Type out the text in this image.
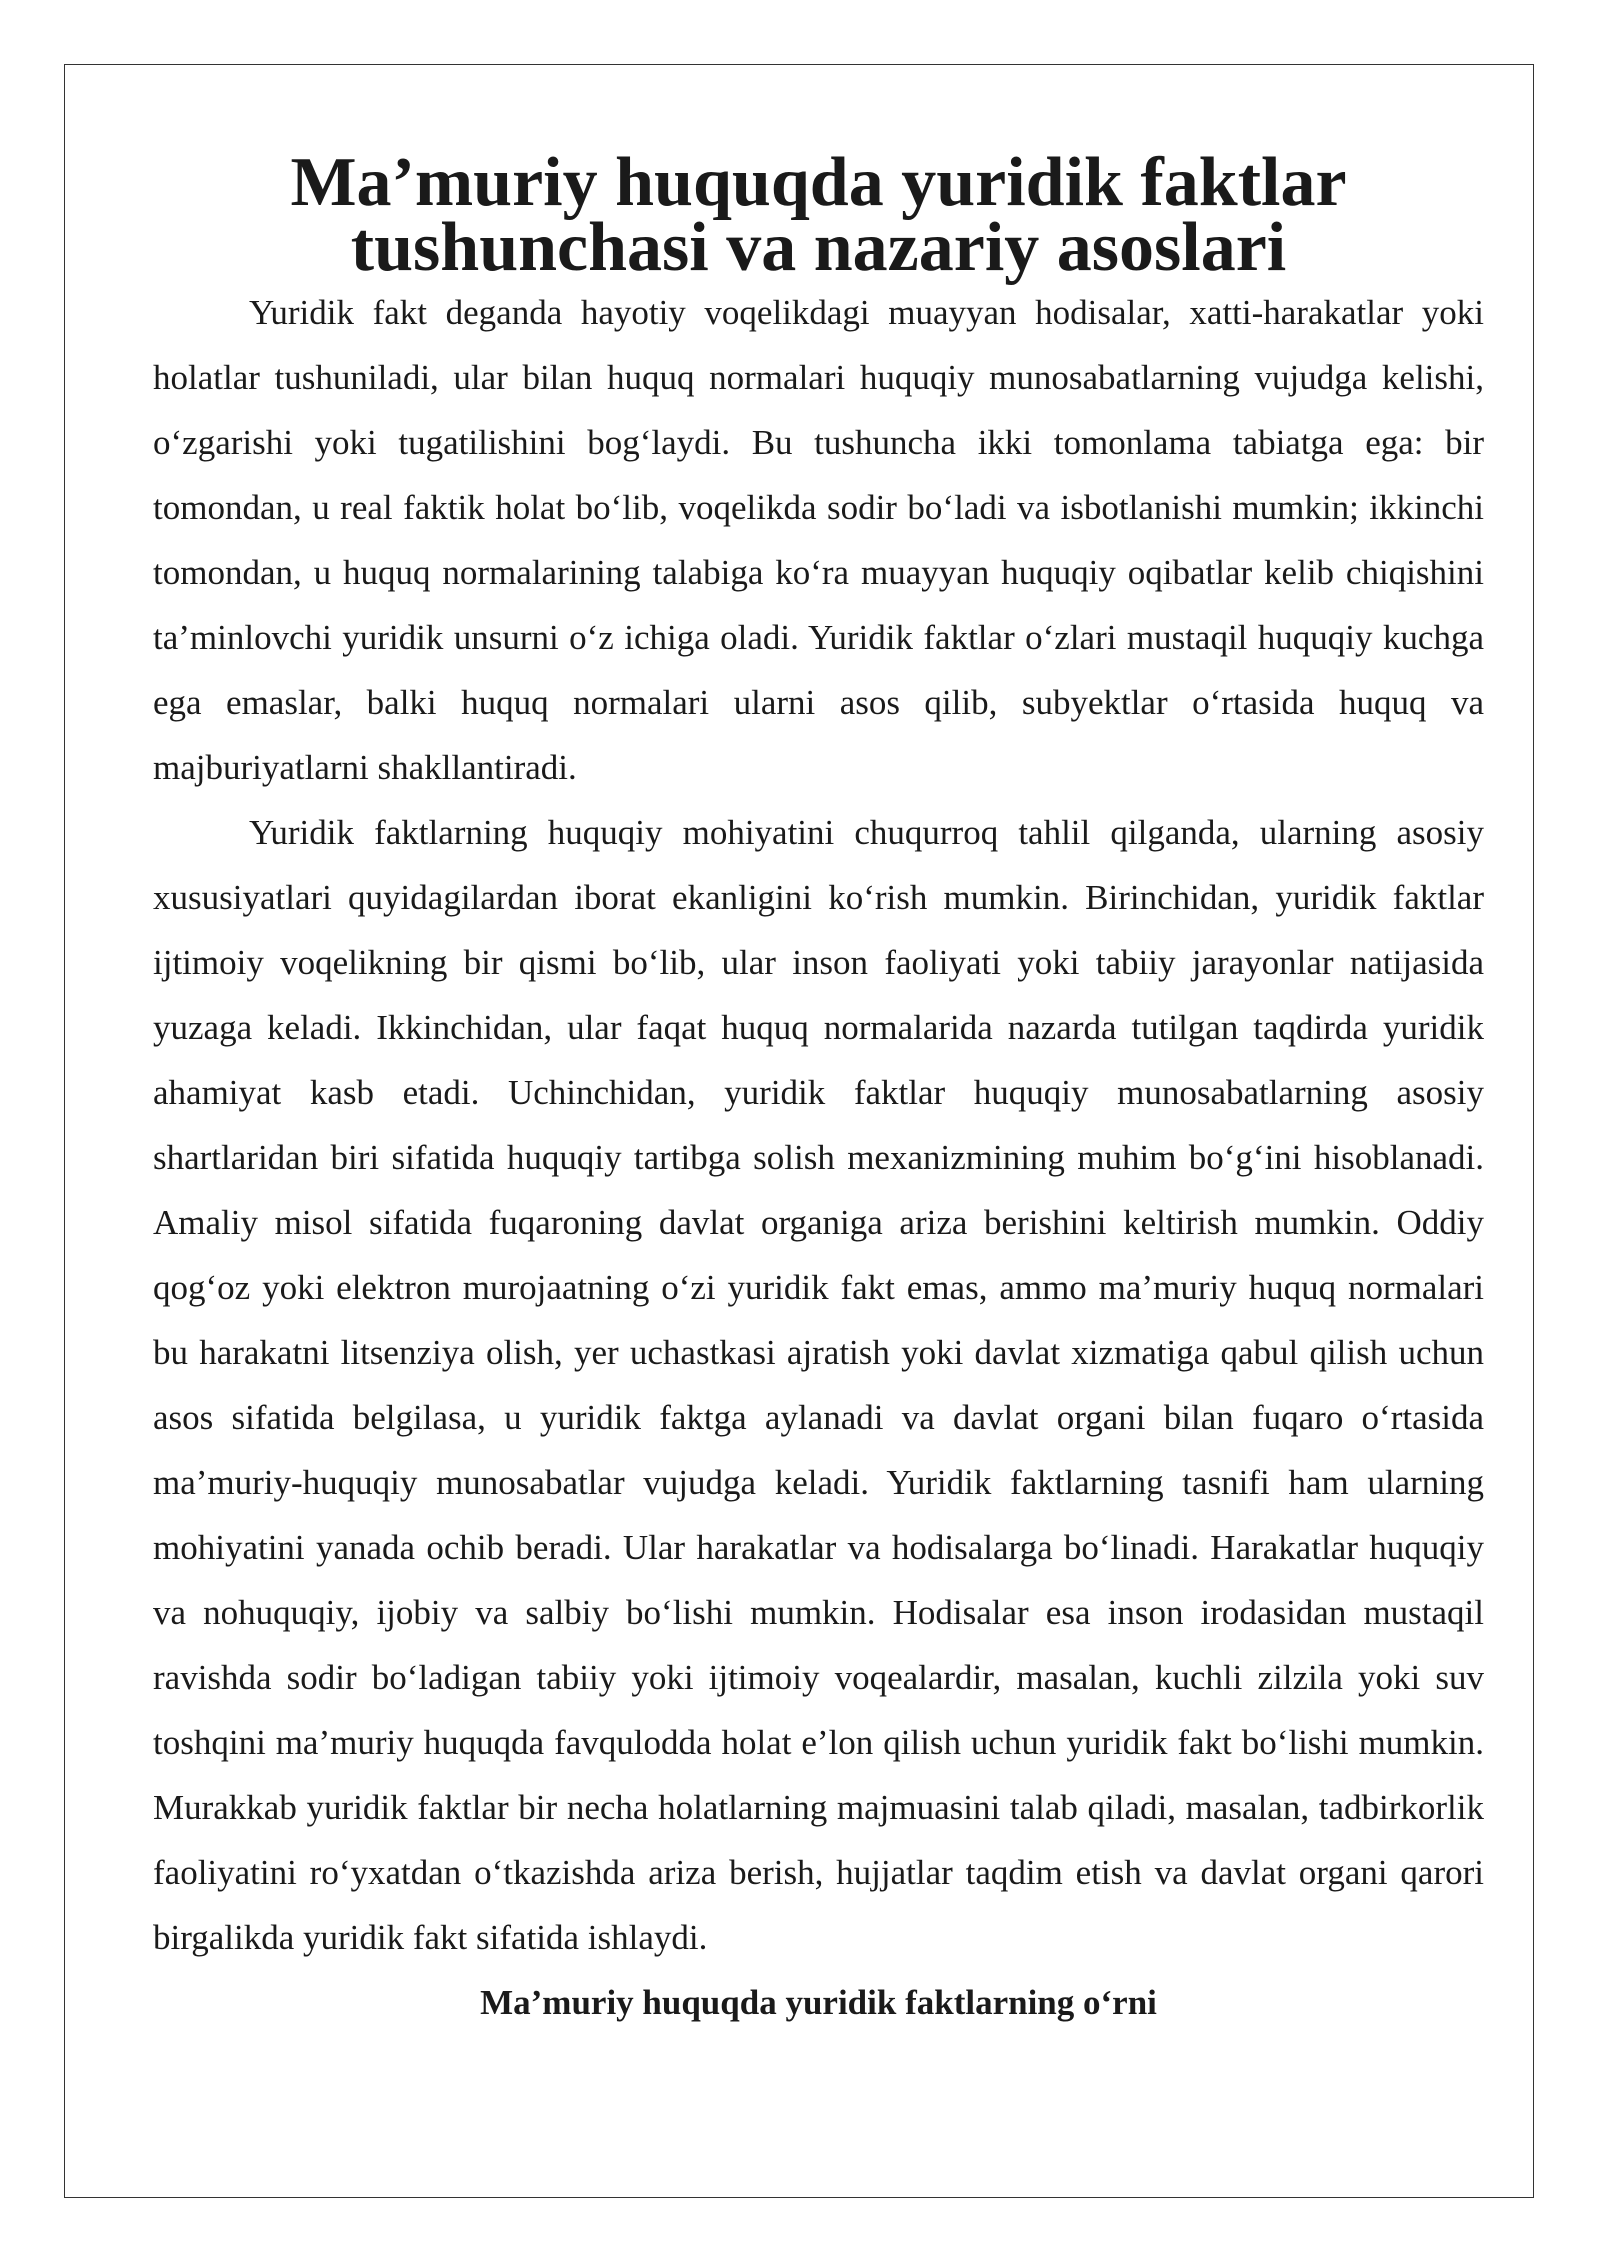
Ma’muriy huquqda yuridik faktlar tushunchasi va nazariy asoslari

Yuridik fakt deganda hayotiy voqelikdagi muayyan hodisalar, xatti-harakatlar yoki holatlar tushuniladi, ular bilan huquq normalari huquqiy munosabatlarning vujudga kelishi, oʻzgarishi yoki tugatilishini bogʻlaydi. Bu tushuncha ikki tomonlama tabiatga ega: bir tomondan, u real faktik holat boʻlib, voqelikda sodir boʻladi va isbotlanishi mumkin; ikkinchi tomondan, u huquq normalarining talabiga koʻra muayyan huquqiy oqibatlar kelib chiqishini ta’minlovchi yuridik unsurni oʻz ichiga oladi. Yuridik faktlar oʻzlari mustaqil huquqiy kuchga ega emaslar, balki huquq normalari ularni asos qilib, subyektlar oʻrtasida huquq va majburiyatlarni shakllantiradi.

Yuridik faktlarning huquqiy mohiyatini chuqurroq tahlil qilganda, ularning asosiy xususiyatlari quyidagilardan iborat ekanligini koʻrish mumkin. Birinchidan, yuridik faktlar ijtimoiy voqelikning bir qismi boʻlib, ular inson faoliyati yoki tabiiy jarayonlar natijasida yuzaga keladi. Ikkinchidan, ular faqat huquq normalarida nazarda tutilgan taqdirda yuridik ahamiyat kasb etadi. Uchinchidan, yuridik faktlar huquqiy munosabatlarning asosiy shartlaridan biri sifatida huquqiy tartibga solish mexanizmining muhim boʻgʻini hisoblanadi. Amaliy misol sifatida fuqaroning davlat organiga ariza berishini keltirish mumkin. Oddiy qogʻoz yoki elektron murojaatning oʻzi yuridik fakt emas, ammo ma’muriy huquq normalari bu harakatni litsenziya olish, yer uchastkasi ajratish yoki davlat xizmatiga qabul qilish uchun asos sifatida belgilasa, u yuridik faktga aylanadi va davlat organi bilan fuqaro oʻrtasida ma’muriy-huquqiy munosabatlar vujudga keladi. Yuridik faktlarning tasnifi ham ularning mohiyatini yanada ochib beradi. Ular harakatlar va hodisalarga boʻlinadi. Harakatlar huquqiy va nohuquqiy, ijobiy va salbiy boʻlishi mumkin. Hodisalar esa inson irodasidan mustaqil ravishda sodir boʻladigan tabiiy yoki ijtimoiy voqealardir, masalan, kuchli zilzila yoki suv toshqini ma’muriy huquqda favqulodda holat e’lon qilish uchun yuridik fakt boʻlishi mumkin. Murakkab yuridik faktlar bir necha holatlarning majmuasini talab qiladi, masalan, tadbirkorlik faoliyatini roʻyxatdan oʻtkazishda ariza berish, hujjatlar taqdim etish va davlat organi qarori birgalikda yuridik fakt sifatida ishlaydi.

Ma’muriy huquqda yuridik faktlarning oʻrni
